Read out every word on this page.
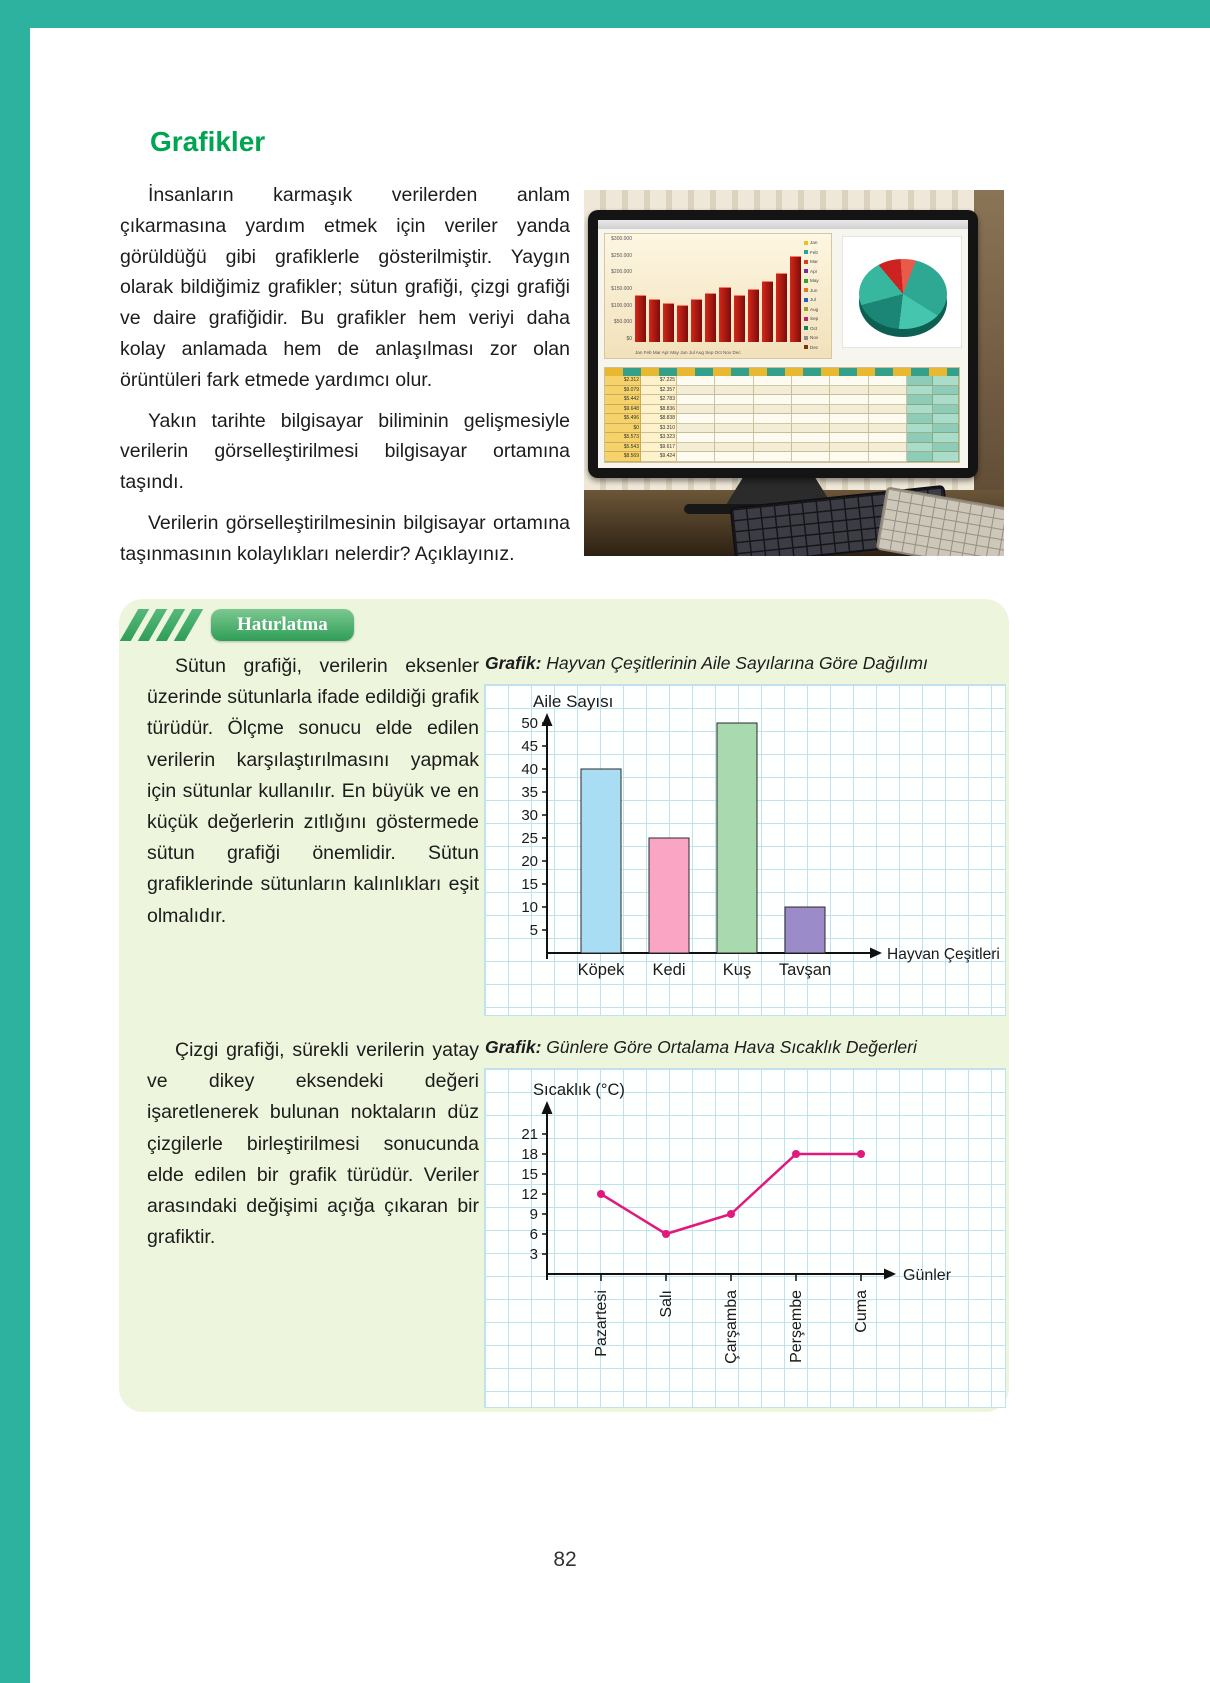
Grafikler

İnsanların karmaşık verilerden anlam çıkarmasına yardım etmek için veriler yanda görüldüğü gibi grafiklerle gösterilmiştir. Yaygın olarak bildiğimiz grafikler; sütun grafiği, çizgi grafiği ve daire grafiğidir. Bu grafikler hem veriyi daha kolay anlamada hem de anlaşılması zor olan örüntüleri fark etmede yardımcı olur.

Yakın tarihte bilgisayar biliminin gelişmesiyle verilerin görselleştirilmesi bilgisayar ortamına taşındı.

Verilerin görselleştirilmesinin bilgisayar ortamına taşınmasının kolaylıkları nelerdir? Açıklayınız.

$300.000
$250.000
$200.000
$150.000
$100.000
$50.000
$0
Jan Feb Mar Apr May Jun Jul Aug Sep Oct Nov Dec
Jan
Feb
Mar
Apr
May
Jun
Jul
Aug
Sep
Oct
Nov
Dec
$2.312	$7.225
$9.079	$2.357
$5.442	$2.783
$9.648	$8.836
$5.496	$8.838
$0	$3.310
$5.573	$3.323
$5.543	$9.617
$8.569	$9.424
Hatırlatma

Sütun grafiği, verilerin eksenler üzerinde sütunlarla ifade edildiği grafik türüdür. Ölçme sonucu elde edilen verilerin karşılaştırılmasını yapmak için sütunlar kullanılır. En büyük ve en küçük değerlerin zıtlığını göstermede sütun grafiği önemlidir. Sütun grafiklerinde sütunların kalınlıkları eşit olmalıdır.

Grafik: Hayvan Çeşitlerinin Aile Sayılarına Göre Dağılımı
Aile Sayısı
5
10
15
20
25
30
35
40
45
50
Hayvan Çeşitleri
Köpek Kedi Kuş Tavşan

Çizgi grafiği, sürekli verilerin yatay ve dikey eksendeki değeri işaretlenerek bulunan noktaların düz çizgilerle birleştirilmesi sonucunda elde edilen bir grafik türüdür. Veriler arasındaki değişimi açığa çıkaran bir grafiktir.

Grafik: Günlere Göre Ortalama Hava Sıcaklık Değerleri
Sıcaklık (°C)
3
6
9
12
15
18
21
Günler
Pazartesi	Salı	Çarşamba	Perşembe	Cuma
82
